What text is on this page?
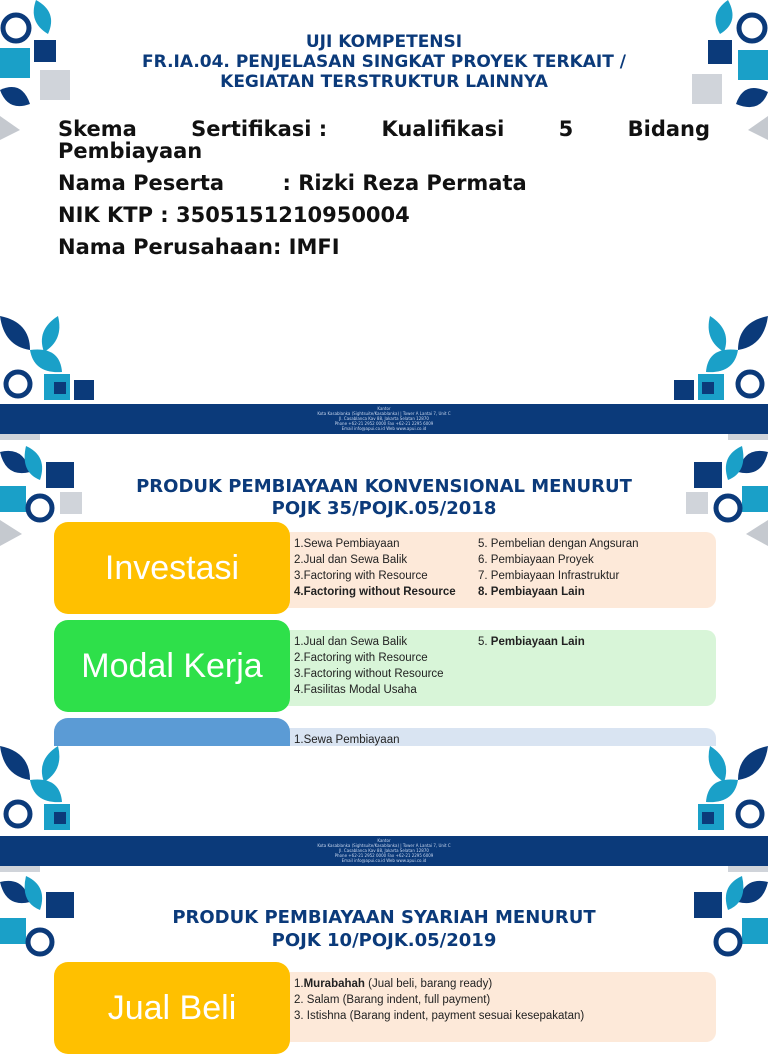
UJI KOMPETENSI
FR.IA.04. PENJELASAN SINGKAT PROYEK TERKAIT /
KEGIATAN TERSTRUKTUR LAINNYA
Skema	Sertifikasi :	Kualifikasi	5	Bidang
Pembiayaan
Nama Peserta        : Rizki Reza Permata
NIK KTP : 3505151210950004
Nama Perusahaan: IMFI
Kantor
Kota Kasablanka (Sightsuite/Kasablanka) | Tower A Lantai 7, Unit C
Jl. Casablanca Kav 88, Jakarta Selatan 12870
Phone +62-21 2952 0000 Fax +62-21 2295 6009
Email info@apui.co.id Web www.apui.co.id
PRODUK PEMBIAYAAN KONVENSIONAL MENURUT
POJK 35/POJK.05/2018
1.Sewa Pembiayaan
2.Jual dan Sewa Balik
3.Factoring with Resource
4.Factoring without Resource
5. Pembelian dengan Angsuran
6. Pembiayaan Proyek
7. Pembiayaan Infrastruktur
8. Pembiayaan Lain
Investasi
1.Jual dan Sewa Balik
2.Factoring with Resource
3.Factoring without Resource
4.Fasilitas Modal Usaha
5. Pembiayaan Lain
Modal Kerja
1.Sewa Pembiayaan
Kantor
Kota Kasablanka (Sightsuite/Kasablanka) | Tower A Lantai 7, Unit C
Jl. Casablanca Kav 88, Jakarta Selatan 12870
Phone +62-21 2952 0000 Fax +62-21 2295 6009
Email info@apui.co.id Web www.apui.co.id
PRODUK PEMBIAYAAN SYARIAH MENURUT
POJK 10/POJK.05/2019
1.Murabahah (Jual beli, barang ready)
2. Salam (Barang indent, full payment)
3. Istishna (Barang indent, payment sesuai kesepakatan)
Jual Beli
